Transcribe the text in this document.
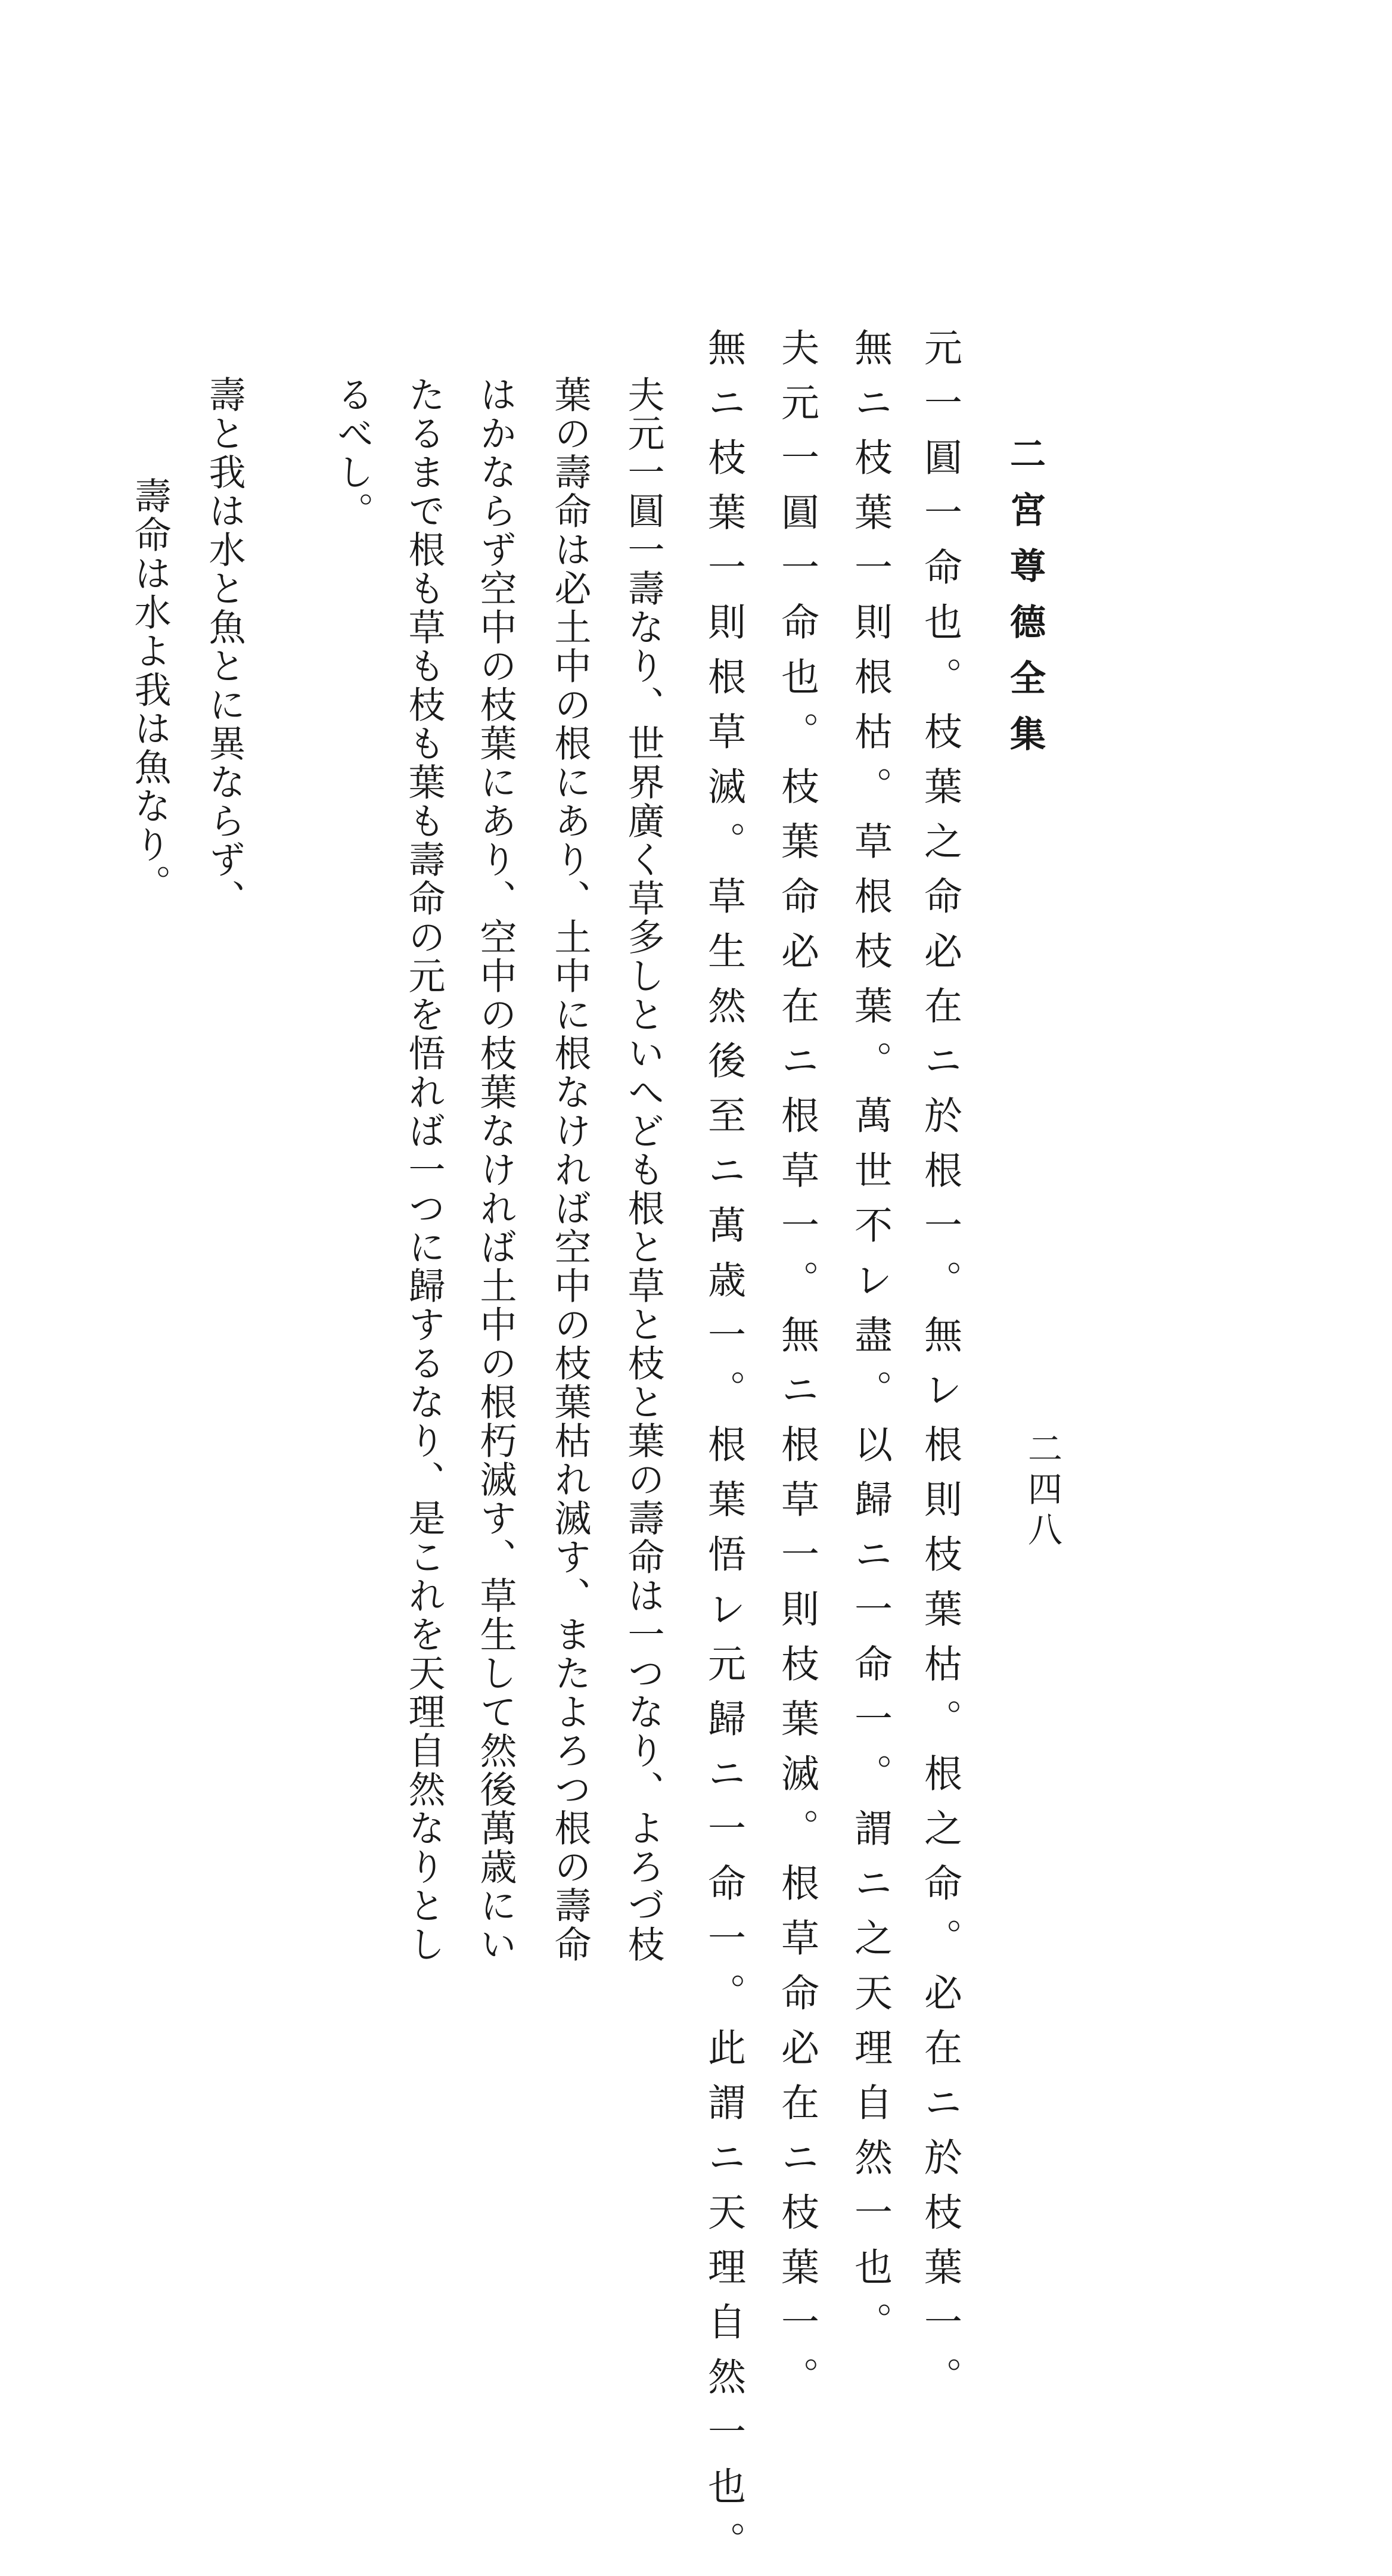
二宮尊德全集
二四八
元一圓一命也。枝葉之命必在ニ於根一。無レ根則枝葉枯。根之命。必在ニ於枝葉一。
無ニ枝葉一則根枯。草根枝葉。萬世不レ盡。以歸ニ一命一。謂ニ之天理自然一也。
夫元一圓一命也。枝葉命必在ニ根草一。無ニ根草一則枝葉滅。根草命必在ニ枝葉一。
無ニ枝葉一則根草滅。草生然後至ニ萬歳一。根葉悟レ元歸ニ一命一。此謂ニ天理自然一也。
夫元一圓一壽なり、世界廣く草多しといへども根と草と枝と葉の壽命は一つなり、よろづ枝
葉の壽命は必土中の根にあり、土中に根なければ空中の枝葉枯れ滅す、またよろつ根の壽命
はかならず空中の枝葉にあり、空中の枝葉なければ土中の根朽滅す、草生して然後萬歳にい
たるまで根も草も枝も葉も壽命の元を悟れば一つに歸するなり、是これを天理自然なりとし
るべし。
壽と我は水と魚とに異ならず、
壽命は水よ我は魚なり。
